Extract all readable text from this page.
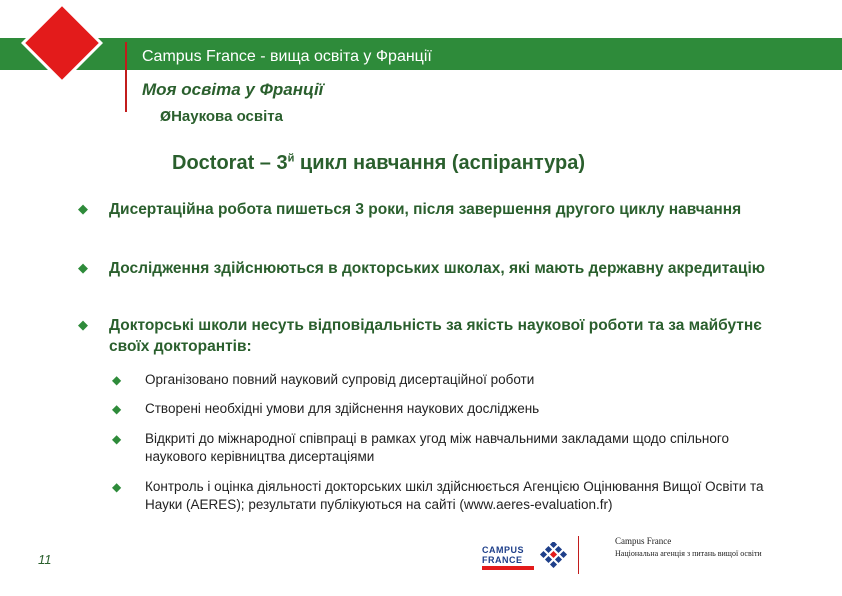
Campus France - вища освіта у Франції
Моя освіта у Франції
ØНаукова освіта
Doctorat – $3^й$ цикл навчання (аспірантура)
◆ Дисертаційна робота пишеться 3 роки, після завершення другого циклу навчання
◆ Дослідження здійснюються в докторських школах, які мають державну акредитацію
◆ Докторські школи несуть відповідальність за якість наукової роботи та за майбутнє своїх докторантів:
◆ Організовано повний науковий супровід дисертаційної роботи
◆ Створені необхідні умови для здійснення наукових досліджень
◆ Відкриті до міжнародної співпраці в рамках угод між навчальними закладами щодо спільного наукового керівництва дисертаціями
◆ Контроль і оцінка діяльності докторських шкіл здійснюється Агенцією Оцінювання Вищої Освіти та Науки (AERES); результати публікуються на сайті (www.aeres-evaluation.fr)
11
CAMPUS
FRANCE
Campus France
Національна агенція з питань вищої освіти
